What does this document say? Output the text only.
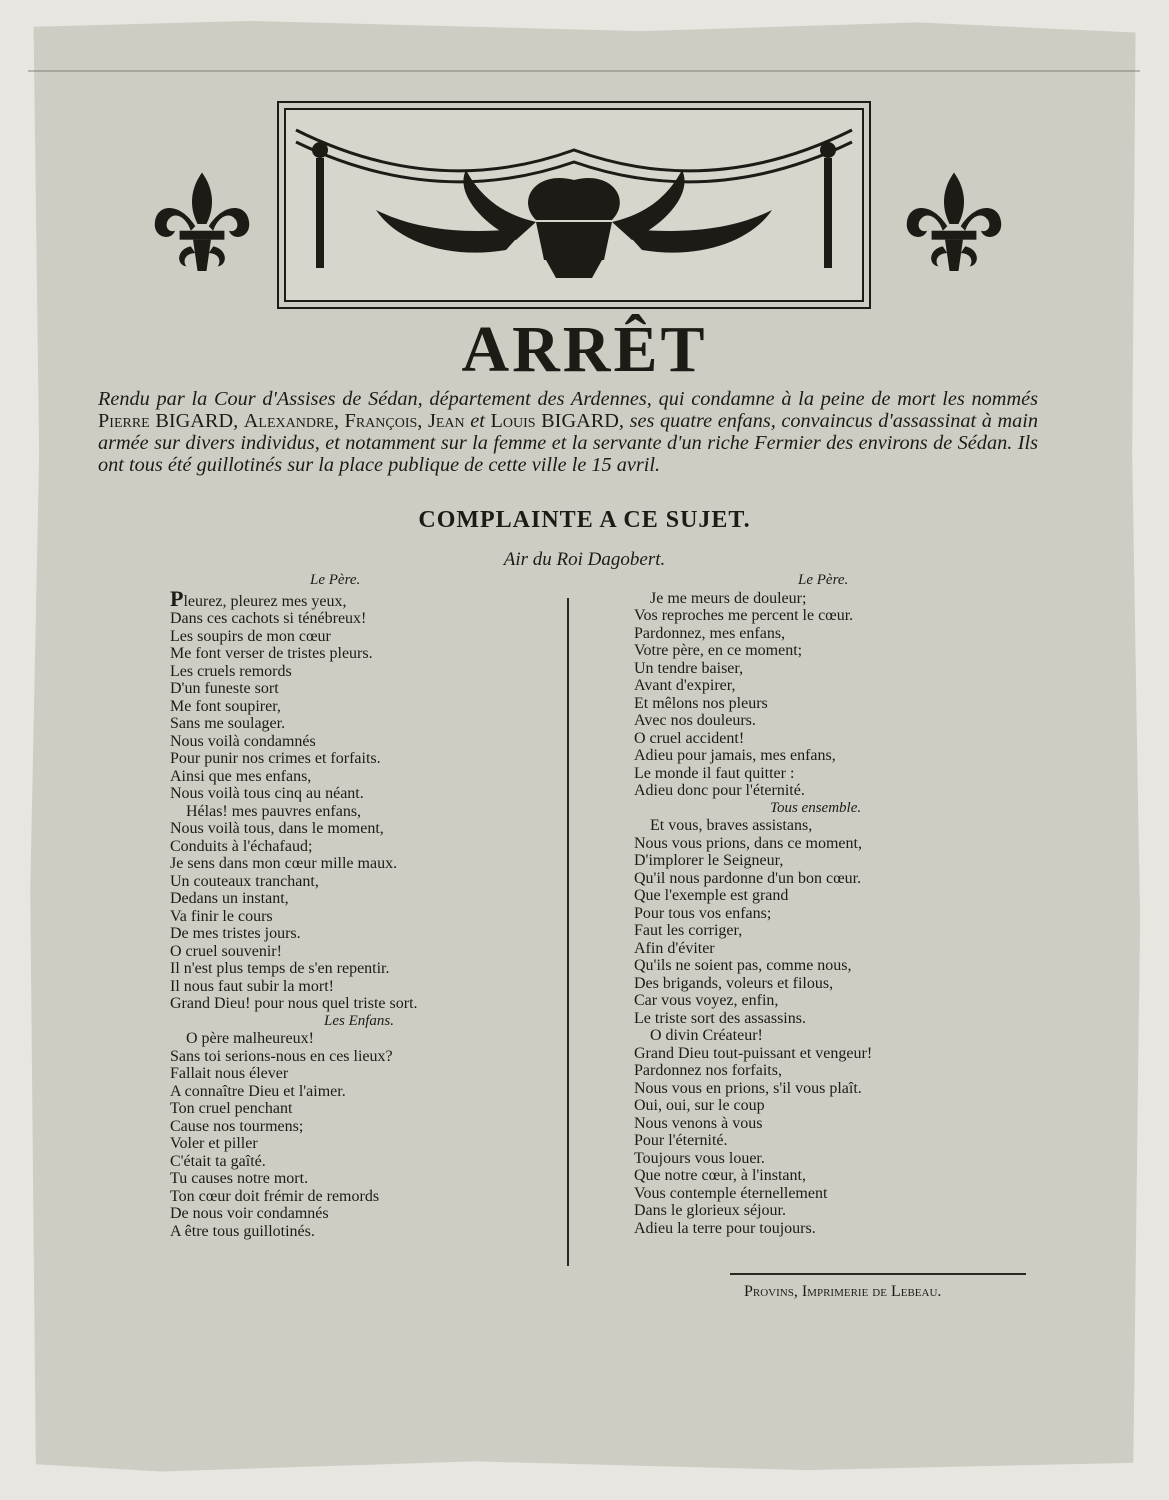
ARRÊT
Rendu par la Cour d'Assises de Sédan, département des Ardennes, qui condamne à la peine de mort les nommés Pierre BIGARD, Alexandre, François, Jean et Louis BIGARD, ses quatre enfans, convaincus d'assassinat à main armée sur divers individus, et notamment sur la femme et la servante d'un riche Fermier des environs de Sédan. Ils ont tous été guillotinés sur la place publique de cette ville le 15 avril.
COMPLAINTE A CE SUJET.
Air du Roi Dagobert.
Le Père.
Pleurez, pleurez mes yeux,
Dans ces cachots si ténébreux!
Les soupirs de mon cœur
Me font verser de tristes pleurs.
Les cruels remords
D'un funeste sort
Me font soupirer,
Sans me soulager.
Nous voilà condamnés
Pour punir nos crimes et forfaits.
Ainsi que mes enfans,
Nous voilà tous cinq au néant.
Hélas! mes pauvres enfans,
Nous voilà tous, dans le moment,
Conduits à l'échafaud;
Je sens dans mon cœur mille maux.
Un couteaux tranchant,
Dedans un instant,
Va finir le cours
De mes tristes jours.
O cruel souvenir!
Il n'est plus temps de s'en repentir.
Il nous faut subir la mort!
Grand Dieu! pour nous quel triste sort.
Les Enfans.
O père malheureux!
Sans toi serions-nous en ces lieux?
Fallait nous élever
A connaître Dieu et l'aimer.
Ton cruel penchant
Cause nos tourmens;
Voler et piller
C'était ta gaîté.
Tu causes notre mort.
Ton cœur doit frémir de remords
De nous voir condamnés
A être tous guillotinés.
Le Père.
Je me meurs de douleur;
Vos reproches me percent le cœur.
Pardonnez, mes enfans,
Votre père, en ce moment;
Un tendre baiser,
Avant d'expirer,
Et mêlons nos pleurs
Avec nos douleurs.
O cruel accident!
Adieu pour jamais, mes enfans,
Le monde il faut quitter :
Adieu donc pour l'éternité.
Tous ensemble.
Et vous, braves assistans,
Nous vous prions, dans ce moment,
D'implorer le Seigneur,
Qu'il nous pardonne d'un bon cœur.
Que l'exemple est grand
Pour tous vos enfans;
Faut les corriger,
Afin d'éviter
Qu'ils ne soient pas, comme nous,
Des brigands, voleurs et filous,
Car vous voyez, enfin,
Le triste sort des assassins.
O divin Créateur!
Grand Dieu tout-puissant et vengeur!
Pardonnez nos forfaits,
Nous vous en prions, s'il vous plaît.
Oui, oui, sur le coup
Nous venons à vous
Pour l'éternité.
Toujours vous louer.
Que notre cœur, à l'instant,
Vous contemple éternellement
Dans le glorieux séjour.
Adieu la terre pour toujours.
Provins, Imprimerie de Lebeau.
